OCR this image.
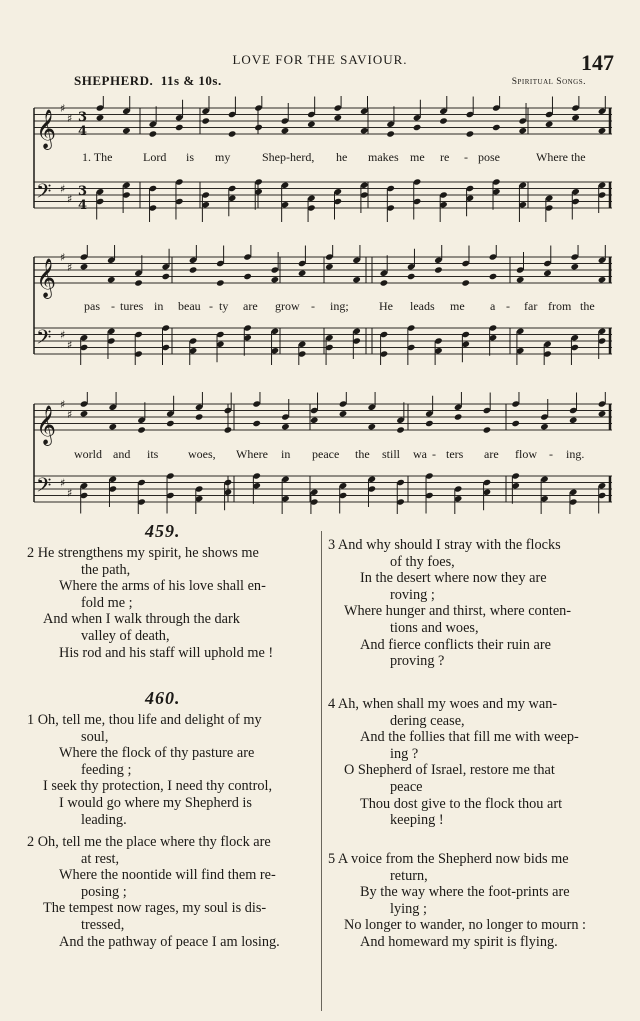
LOVE FOR THE SAVIOUR.	147
SHEPHERD. 11s & 10s.	Spiritual Songs.
𝄞
♯
♯ 3
4
𝄢 ♯
♯ 3
4
1. The	Lord is my	Shep-herd, he makes me re - pose	Where the
𝄞
♯
♯
𝄢 ♯
♯
pas - tures in beau - ty are grow - ing;	He leads me a - far from the
𝄞
♯
♯
𝄢 ♯
♯
world and its woes, Where in peace the still wa - ters are flow - ing.
459.
2 He strengthens my spirit, he shows me
the path,
Where the arms of his love shall en-
fold me ;
And when I walk through the dark
valley of death,
His rod and his staff will uphold me !
460.
1 Oh, tell me, thou life and delight of my
soul,
Where the flock of thy pasture are
feeding ;
I seek thy protection, I need thy control,
I would go where my Shepherd is
leading.
2 Oh, tell me the place where thy flock are
at rest,
Where the noontide will find them re-
posing ;
The tempest now rages, my soul is dis-
tressed,
And the pathway of peace I am losing.
3 And why should I stray with the flocks
of thy foes,
In the desert where now they are
roving ;
Where hunger and thirst, where conten-
tions and woes,
And fierce conflicts their ruin are
proving ?
4 Ah, when shall my woes and my wan-
dering cease,
And the follies that fill me with weep-
ing ?
O Shepherd of Israel, restore me that
peace
Thou dost give to the flock thou art
keeping !
5 A voice from the Shepherd now bids me
return,
By the way where the foot-prints are
lying ;
No longer to wander, no longer to mourn :
And homeward my spirit is flying.
